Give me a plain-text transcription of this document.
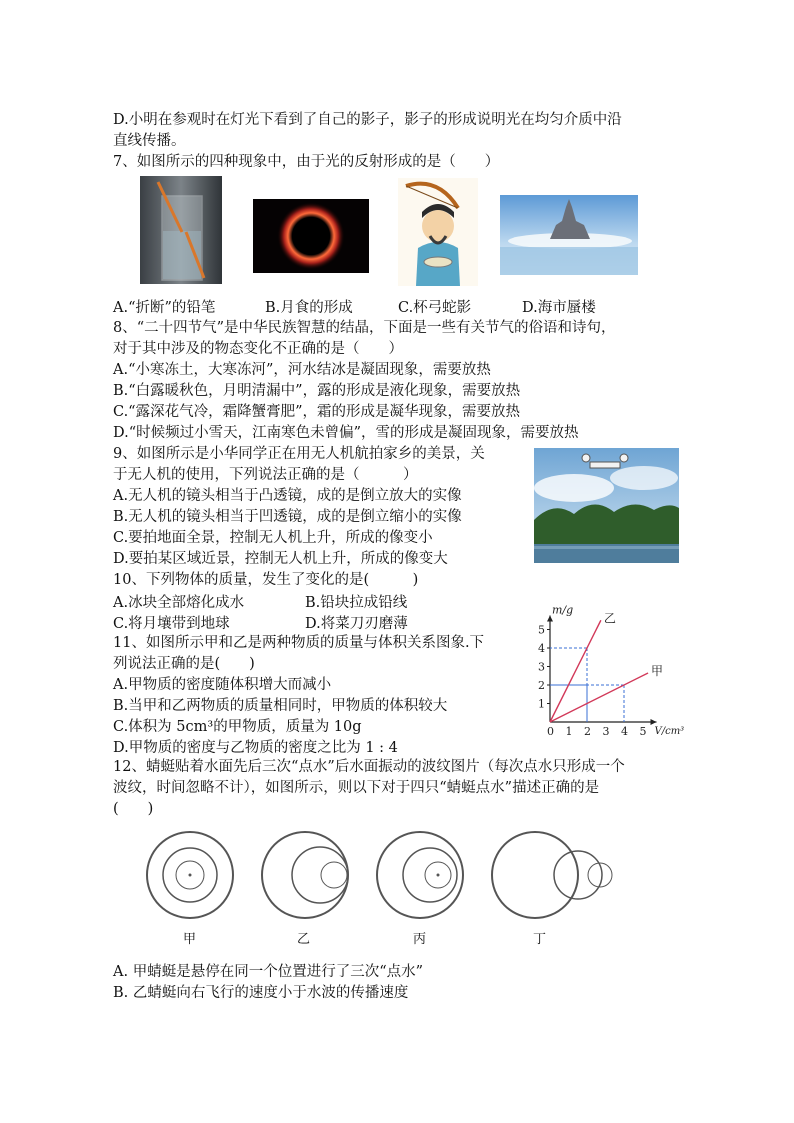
D.小明在参观时在灯光下看到了自己的影子，影子的形成说明光在均匀介质中沿
直线传播。
7、如图所示的四种现象中，由于光的反射形成的是（　　）
A.“折断”的铅笔	B.月食的形成	C.杯弓蛇影	D.海市蜃楼
8、“二十四节气”是中华民族智慧的结晶，下面是一些有关节气的俗语和诗句，
对于其中涉及的物态变化不正确的是（　　）
A.“小寒冻土，大寒冻河”，河水结冰是凝固现象，需要放热
B.“白露暖秋色，月明清漏中”，露的形成是液化现象，需要放热
C.“露深花气冷，霜降蟹膏肥”，霜的形成是凝华现象，需要放热
D.“时候频过小雪天，江南寒色未曾偏”，雪的形成是凝固现象，需要放热
9、如图所示是小华同学正在用无人机航拍家乡的美景，关
于无人机的使用，下列说法正确的是（　　　）
A.无人机的镜头相当于凸透镜，成的是倒立放大的实像
B.无人机的镜头相当于凹透镜，成的是倒立缩小的实像
C.要拍地面全景，控制无人机上升，所成的像变小
D.要拍某区域近景，控制无人机上升，所成的像变大
10、下列物体的质量，发生了变化的是(　　　)
A.冰块全部熔化成水	B.铅块拉成铅线
C.将月壤带到地球	D.将菜刀刃磨薄
11、如图所示甲和乙是两种物质的质量与体积关系图象.下
列说法正确的是(　　)
A.甲物质的密度随体积增大而减小
B.当甲和乙两物质的质量相同时，甲物质的体积较大
C.体积为 5cm³的甲物质，质量为 10g
D.甲物质的密度与乙物质的密度之比为 1 : 4
m/g
V/cm³
0 1 2 3 4 5
1
2
3
4
5
乙
甲
12、蜻蜓贴着水面先后三次“点水”后水面振动的波纹图片（每次点水只形成一个
波纹，时间忽略不计），如图所示，则以下对于四只“蜻蜓点水”描述正确的是
(　　)
甲	乙	丙	丁
A. 甲蜻蜓是悬停在同一个位置进行了三次“点水”
B. 乙蜻蜓向右飞行的速度小于水波的传播速度
